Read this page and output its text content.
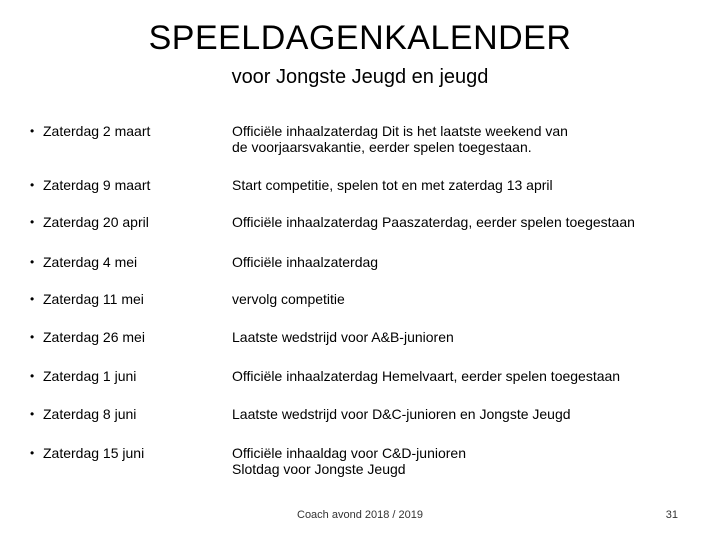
SPEELDAGENKALENDER
voor Jongste Jeugd en jeugd
• Zaterdag 2 maart	Officiële inhaalzaterdag Dit is het laatste weekend van
de voorjaarsvakantie, eerder spelen toegestaan.
• Zaterdag 9 maart	Start competitie, spelen tot en met zaterdag 13 april
• Zaterdag 20 april	Officiële inhaalzaterdag Paaszaterdag, eerder spelen toegestaan
• Zaterdag 4 mei	Officiële inhaalzaterdag
• Zaterdag 11 mei	vervolg competitie
• Zaterdag 26 mei	Laatste wedstrijd voor A&B-junioren
• Zaterdag 1 juni	Officiële inhaalzaterdag Hemelvaart, eerder spelen toegestaan
• Zaterdag 8 juni	Laatste wedstrijd voor D&C-junioren en Jongste Jeugd
• Zaterdag 15 juni	Officiële inhaaldag voor C&D-junioren
Slotdag voor Jongste Jeugd
Coach avond 2018 / 2019	31
